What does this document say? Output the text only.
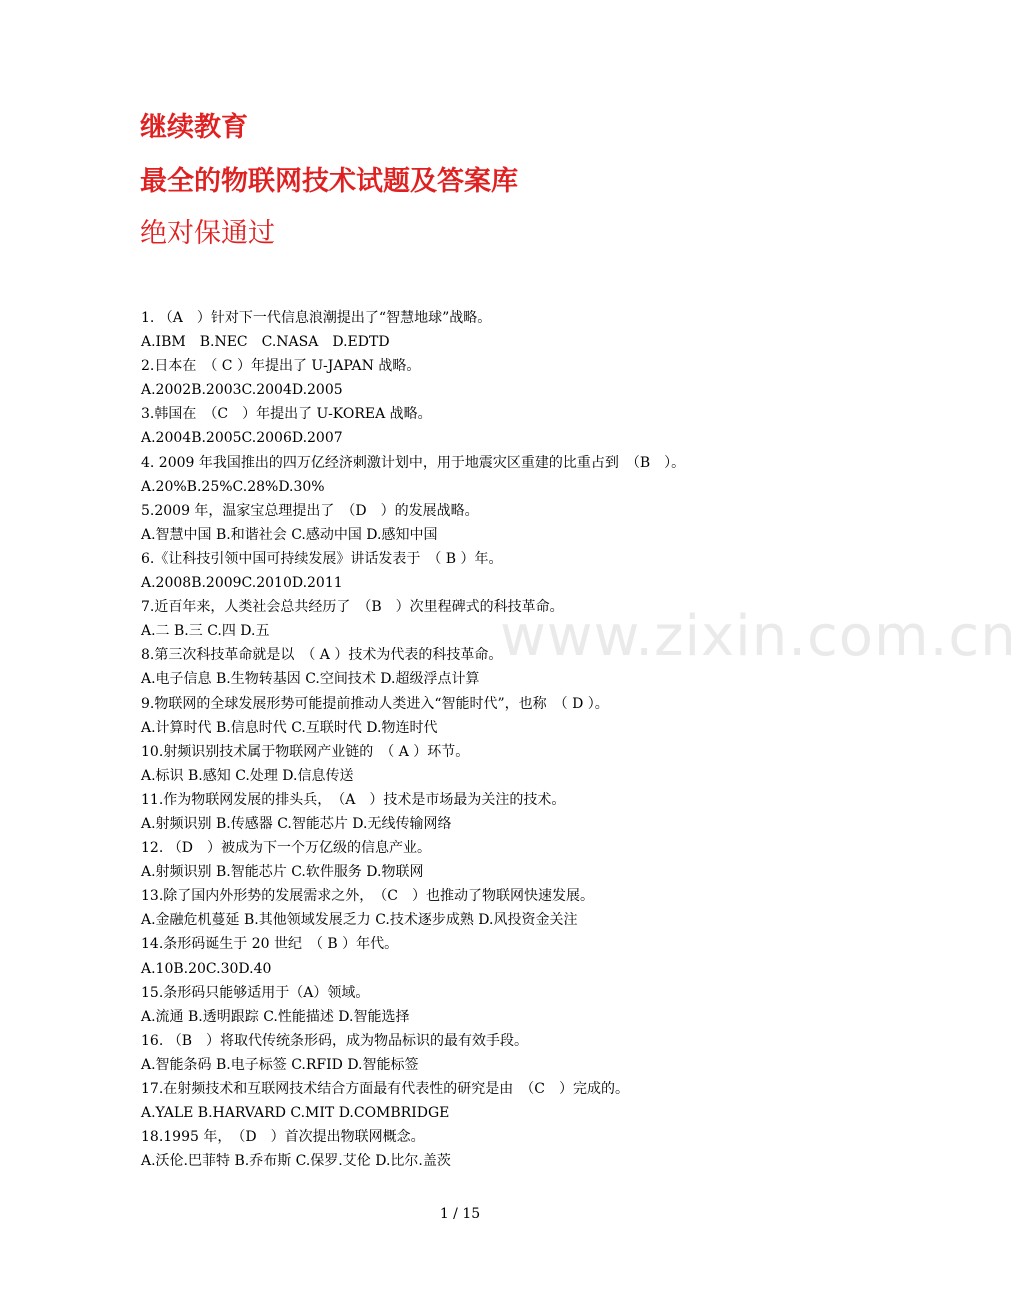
继续教育
最全的物联网技术试题及答案库
绝对保通过
1. （A　）针对下一代信息浪潮提出了“智慧地球”战略。
A.IBM　B.NEC　C.NASA　D.EDTD
2.日本在　（ C ）年提出了 U-JAPAN 战略。
A.2002B.2003C.2004D.2005
3.韩国在　（C　）年提出了 U-KOREA 战略。
A.2004B.2005C.2006D.2007
4. 2009 年我国推出的四万亿经济刺激计划中，用于地震灾区重建的比重占到　（B　）。
A.20%B.25%C.28%D.30%
5.2009 年，温家宝总理提出了　（D　）的发展战略。
A.智慧中国 B.和谐社会 C.感动中国 D.感知中国
6.《让科技引领中国可持续发展》讲话发表于　（ B ）年。
A.2008B.2009C.2010D.2011
7.近百年来，人类社会总共经历了　（B　）次里程碑式的科技革命。
A.二 B.三 C.四 D.五
8.第三次科技革命就是以　（ A ）技术为代表的科技革命。
A.电子信息 B.生物转基因 C.空间技术 D.超级浮点计算
9.物联网的全球发展形势可能提前推动人类进入“智能时代”，也称　（ D ）。
A.计算时代 B.信息时代 C.互联时代 D.物连时代
10.射频识别技术属于物联网产业链的　（ A ）环节。
A.标识 B.感知 C.处理 D.信息传送
11.作为物联网发展的排头兵，　（A　）技术是市场最为关注的技术。
A.射频识别 B.传感器 C.智能芯片 D.无线传输网络
12. （D　）被成为下一个万亿级的信息产业。
A.射频识别 B.智能芯片 C.软件服务 D.物联网
13.除了国内外形势的发展需求之外，　（C　）也推动了物联网快速发展。
A.金融危机蔓延 B.其他领域发展乏力 C.技术逐步成熟 D.风投资金关注
14.条形码诞生于 20 世纪　（ B ）年代。
A.10B.20C.30D.40
15.条形码只能够适用于（A）领域。
A.流通 B.透明跟踪 C.性能描述 D.智能选择
16. （B　）将取代传统条形码，成为物品标识的最有效手段。
A.智能条码 B.电子标签 C.RFID D.智能标签
17.在射频技术和互联网技术结合方面最有代表性的研究是由　（C　）完成的。
A.YALE B.HARVARD C.MIT D.COMBRIDGE
18.1995 年，　（D　）首次提出物联网概念。
A.沃伦.巴菲特 B.乔布斯 C.保罗.艾伦 D.比尔.盖茨
www.zixin.com.cn
1 / 15
